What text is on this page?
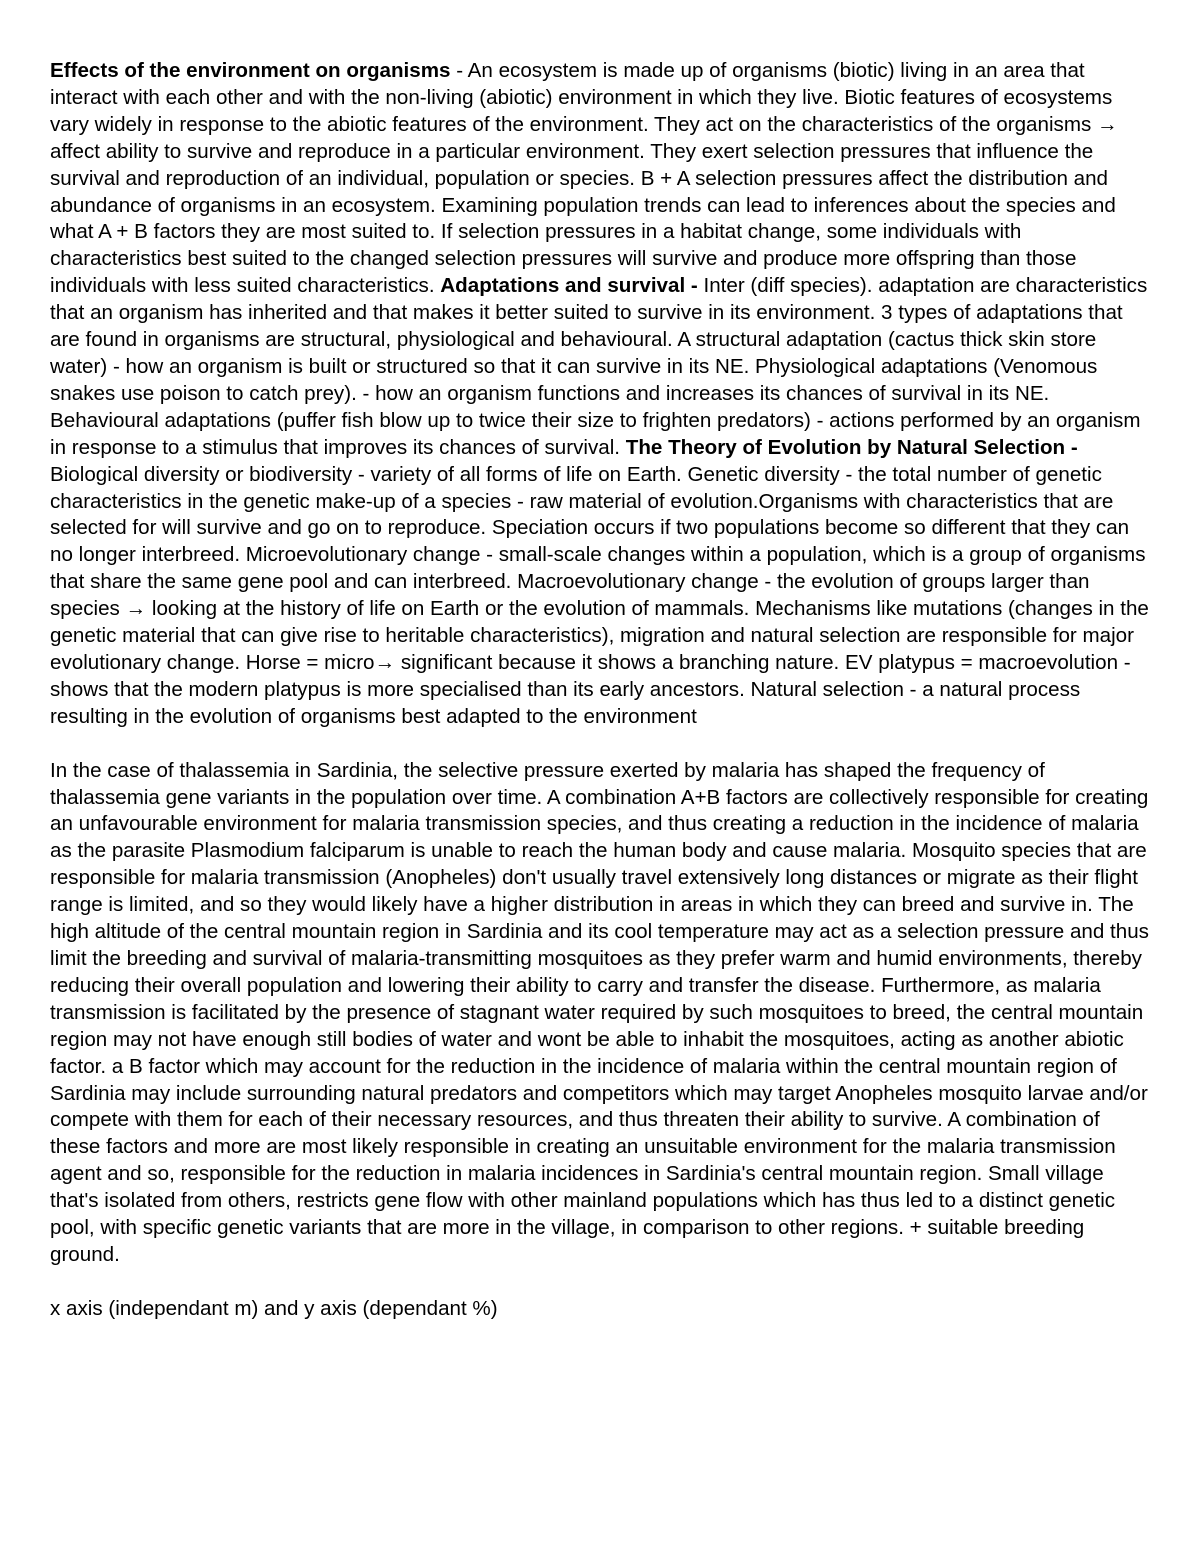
Effects of the environment on organisms - An ecosystem is made up of organisms (biotic) living in an area that interact with each other and with the non-living (abiotic) environment in which they live. Biotic features of ecosystems vary widely in response to the abiotic features of the environment. They act on the characteristics of the organisms → affect ability to survive and reproduce in a particular environment. They exert selection pressures that influence the survival and reproduction of an individual, population or species. B + A selection pressures affect the distribution and abundance of organisms in an ecosystem. Examining population trends can lead to inferences about the species and what A + B factors they are most suited to. If selection pressures in a habitat change, some individuals with characteristics best suited to the changed selection pressures will survive and produce more offspring than those individuals with less suited characteristics. Adaptations and survival - Inter (diff species). adaptation are characteristics that an organism has inherited and that makes it better suited to survive in its environment. 3 types of adaptations that are found in organisms are structural, physiological and behavioural. A structural adaptation (cactus thick skin store water) - how an organism is built or structured so that it can survive in its NE. Physiological adaptations (Venomous snakes use poison to catch prey). - how an organism functions and increases its chances of survival in its NE. Behavioural adaptations (puffer fish blow up to twice their size to frighten predators) - actions performed by an organism in response to a stimulus that improves its chances of survival. The Theory of Evolution by Natural Selection - Biological diversity or biodiversity - variety of all forms of life on Earth. Genetic diversity - the total number of genetic characteristics in the genetic make-up of a species - raw material of evolution.Organisms with characteristics that are selected for will survive and go on to reproduce. Speciation occurs if two populations become so different that they can no longer interbreed. Microevolutionary change - small-scale changes within a population, which is a group of organisms that share the same gene pool and can interbreed. Macroevolutionary change - the evolution of groups larger than species → looking at the history of life on Earth or the evolution of mammals. Mechanisms like mutations (changes in the genetic material that can give rise to heritable characteristics), migration and natural selection are responsible for major evolutionary change. Horse = micro→ significant because it shows a branching nature. EV platypus = macroevolution - shows that the modern platypus is more specialised than its early ancestors. Natural selection - a natural process resulting in the evolution of organisms best adapted to the environment

In the case of thalassemia in Sardinia, the selective pressure exerted by malaria has shaped the frequency of thalassemia gene variants in the population over time. A combination A+B factors are collectively responsible for creating an unfavourable environment for malaria transmission species, and thus creating a reduction in the incidence of malaria as the parasite Plasmodium falciparum is unable to reach the human body and cause malaria. Mosquito species that are responsible for malaria transmission (Anopheles) don't usually travel extensively long distances or migrate as their flight range is limited, and so they would likely have a higher distribution in areas in which they can breed and survive in. The high altitude of the central mountain region in Sardinia and its cool temperature may act as a selection pressure and thus limit the breeding and survival of malaria-transmitting mosquitoes as they prefer warm and humid environments, thereby reducing their overall population and lowering their ability to carry and transfer the disease. Furthermore, as malaria transmission is facilitated by the presence of stagnant water required by such mosquitoes to breed, the central mountain region may not have enough still bodies of water and wont be able to inhabit the mosquitoes, acting as another abiotic factor. a B factor which may account for the reduction in the incidence of malaria within the central mountain region of Sardinia may include surrounding natural predators and competitors which may target Anopheles mosquito larvae and/or compete with them for each of their necessary resources, and thus threaten their ability to survive. A combination of these factors and more are most likely responsible in creating an unsuitable environment for the malaria transmission agent and so, responsible for the reduction in malaria incidences in Sardinia's central mountain region. Small village that's isolated from others, restricts gene flow with other mainland populations which has thus led to a distinct genetic pool, with specific genetic variants that are more in the village, in comparison to other regions. + suitable breeding ground.

x axis (independant m) and y axis (dependant %)
